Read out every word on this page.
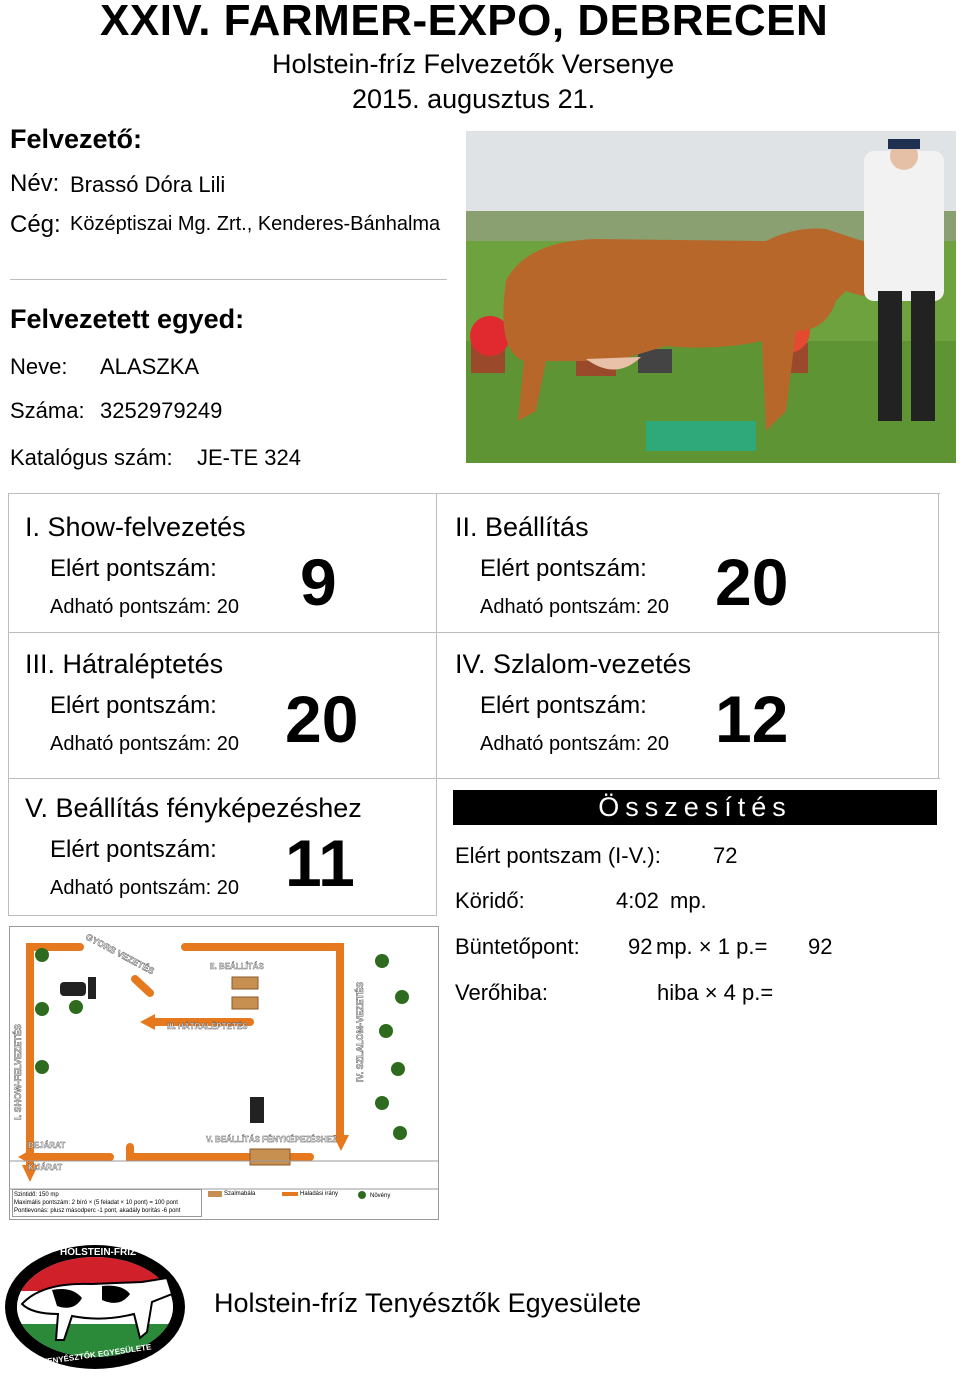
XXIV. FARMER-EXPO, DEBRECEN
Holstein-fríz Felvezetők Versenye
2015. augusztus 21.
Felvezető:
Név: Brassó Dóra Lili
Cég: Középtiszai Mg. Zrt., Kenderes-Bánhalma
Felvezetett egyed:
Neve: ALASZKA
Száma: 3252979249
Katalógus szám: JE-TE 324
I. Show-felvezetés
Elért pontszám:
Adható pontszám: 20 9
II. Beállítás
Elért pontszám:
Adható pontszám: 20 20
III. Hátraléptetés
Elért pontszám:
Adható pontszám: 20 20
IV. Szlalom-vezetés
Elért pontszám:
Adható pontszám: 20 12
V. Beállítás fényképezéshez
Elért pontszám:
Adható pontszám: 20 11
Összesítés
Elért pontszam (I-V.): 72
Köridő:	4:02 mp.
Büntetőpont: 92 mp. × 1 p.= 92
Verőhiba:	hiba × 4 p.=
GYORS VEZETÉS	II. BEÁLLÍTÁS
III. HÁTRALÉPTETÉS
I. SHOW-FELVEZETÉS	IV. SZLALOM-VEZETÉS
V. BEÁLLÍTÁS FÉNYKÉPEZÉSHEZ
BEJÁRAT
KIJÁRAT
Szintidő: 150 mp
Maximális pontszám: 2 bíró × (5 feladat × 10 pont) = 100 pont
Pontlevonás: plusz másodperc -1 pont, akadály borítás -6 pont
Szalmabála	Haladási irány	Növény
HOLSTEIN-FRÍZ
TENYÉSZTŐK EGYESÜLETE
Holstein-fríz Tenyésztők Egyesülete
